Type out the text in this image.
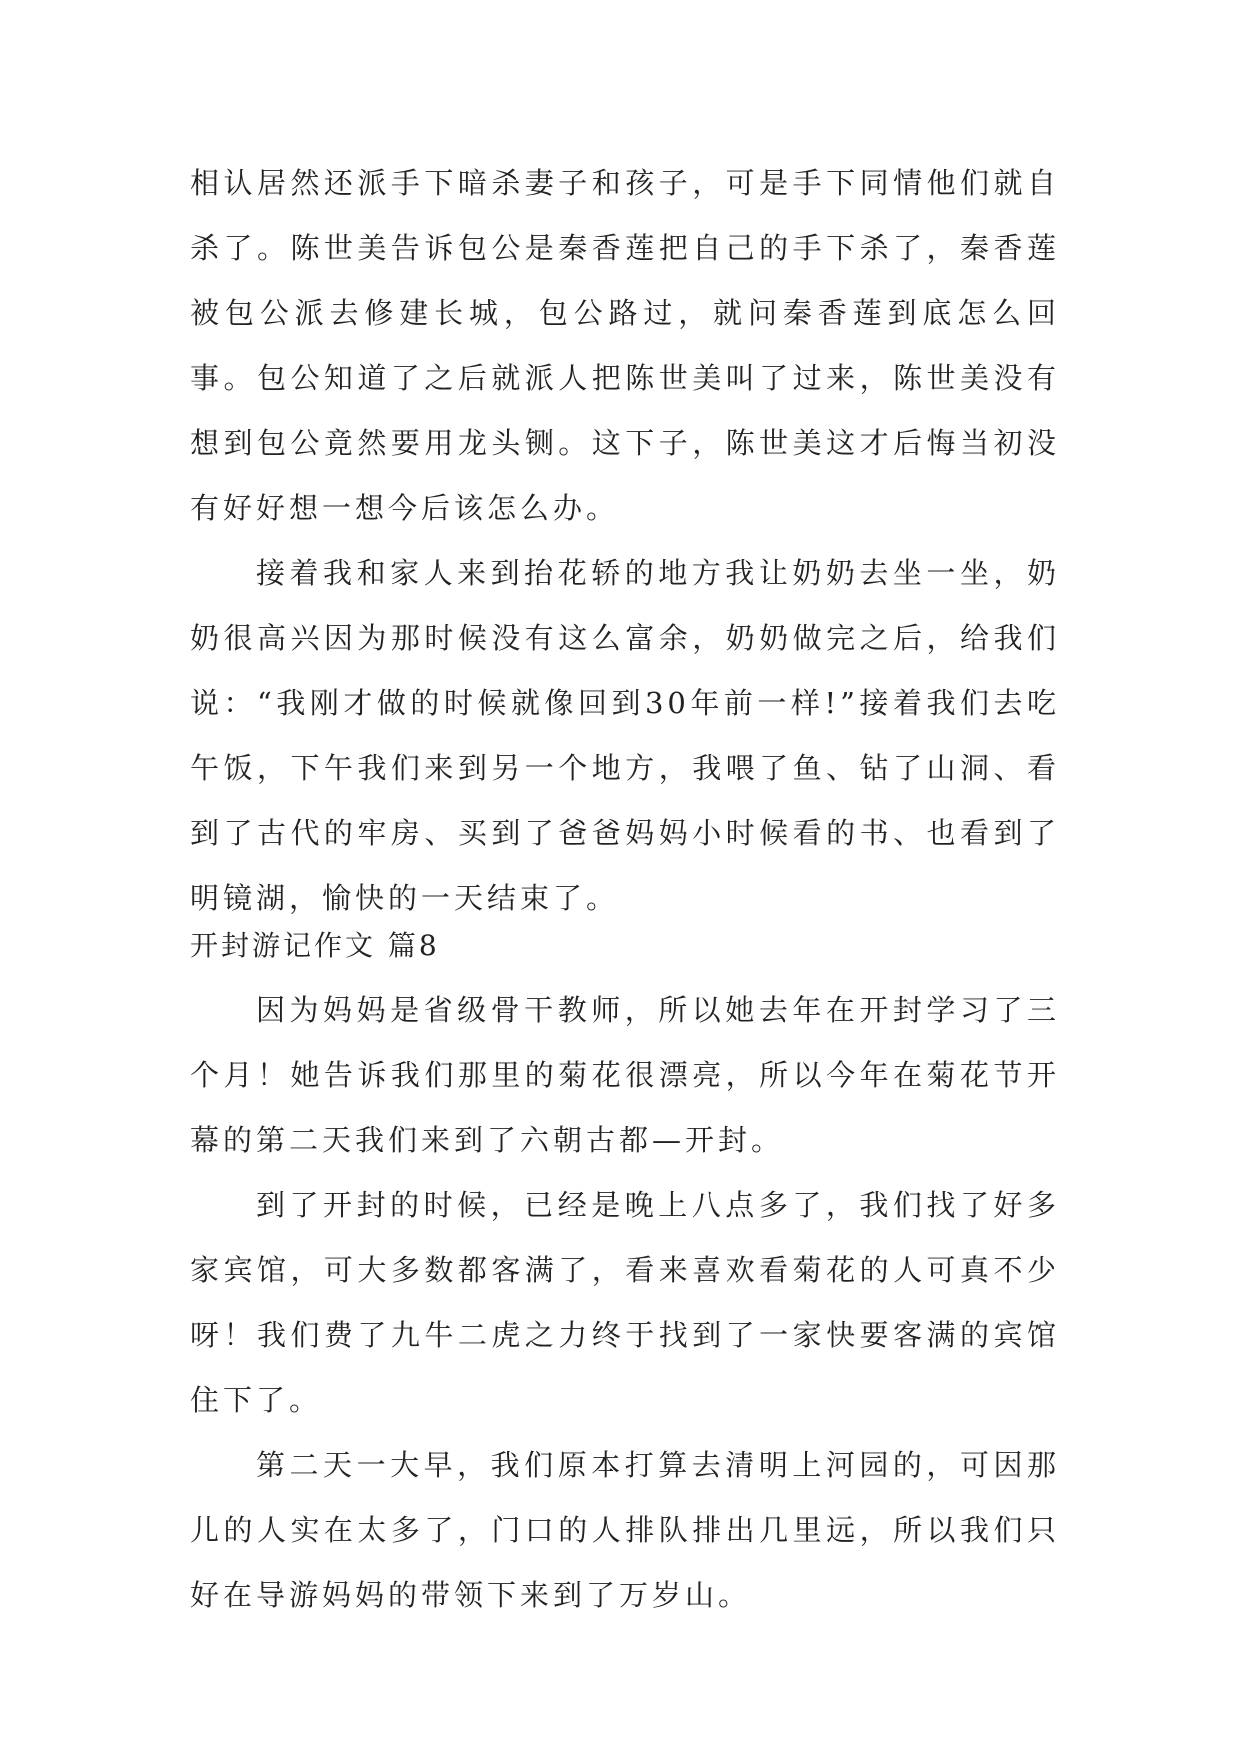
相认居然还派手下暗杀妻子和孩子，可是手下同情他们就自杀了。陈世美告诉包公是秦香莲把自己的手下杀了，秦香莲被包公派去修建长城，包公路过，就问秦香莲到底怎么回事。包公知道了之后就派人把陈世美叫了过来，陈世美没有想到包公竟然要用龙头铡。这下子，陈世美这才后悔当初没有好好想一想今后该怎么办。

接着我和家人来到抬花轿的地方我让奶奶去坐一坐，奶奶很高兴因为那时候没有这么富余，奶奶做完之后，给我们说：“我刚才做的时候就像回到30年前一样!”接着我们去吃午饭，下午我们来到另一个地方，我喂了鱼、钻了山洞、看到了古代的牢房、买到了爸爸妈妈小时候看的书、也看到了明镜湖，愉快的一天结束了。

开封游记作文 篇8

因为妈妈是省级骨干教师，所以她去年在开封学习了三个月！她告诉我们那里的菊花很漂亮，所以今年在菊花节开幕的第二天我们来到了六朝古都—开封。

到了开封的时候，已经是晚上八点多了，我们找了好多家宾馆，可大多数都客满了，看来喜欢看菊花的人可真不少呀！我们费了九牛二虎之力终于找到了一家快要客满的宾馆住下了。

第二天一大早，我们原本打算去清明上河园的，可因那儿的人实在太多了，门口的人排队排出几里远，所以我们只好在导游妈妈的带领下来到了万岁山。
